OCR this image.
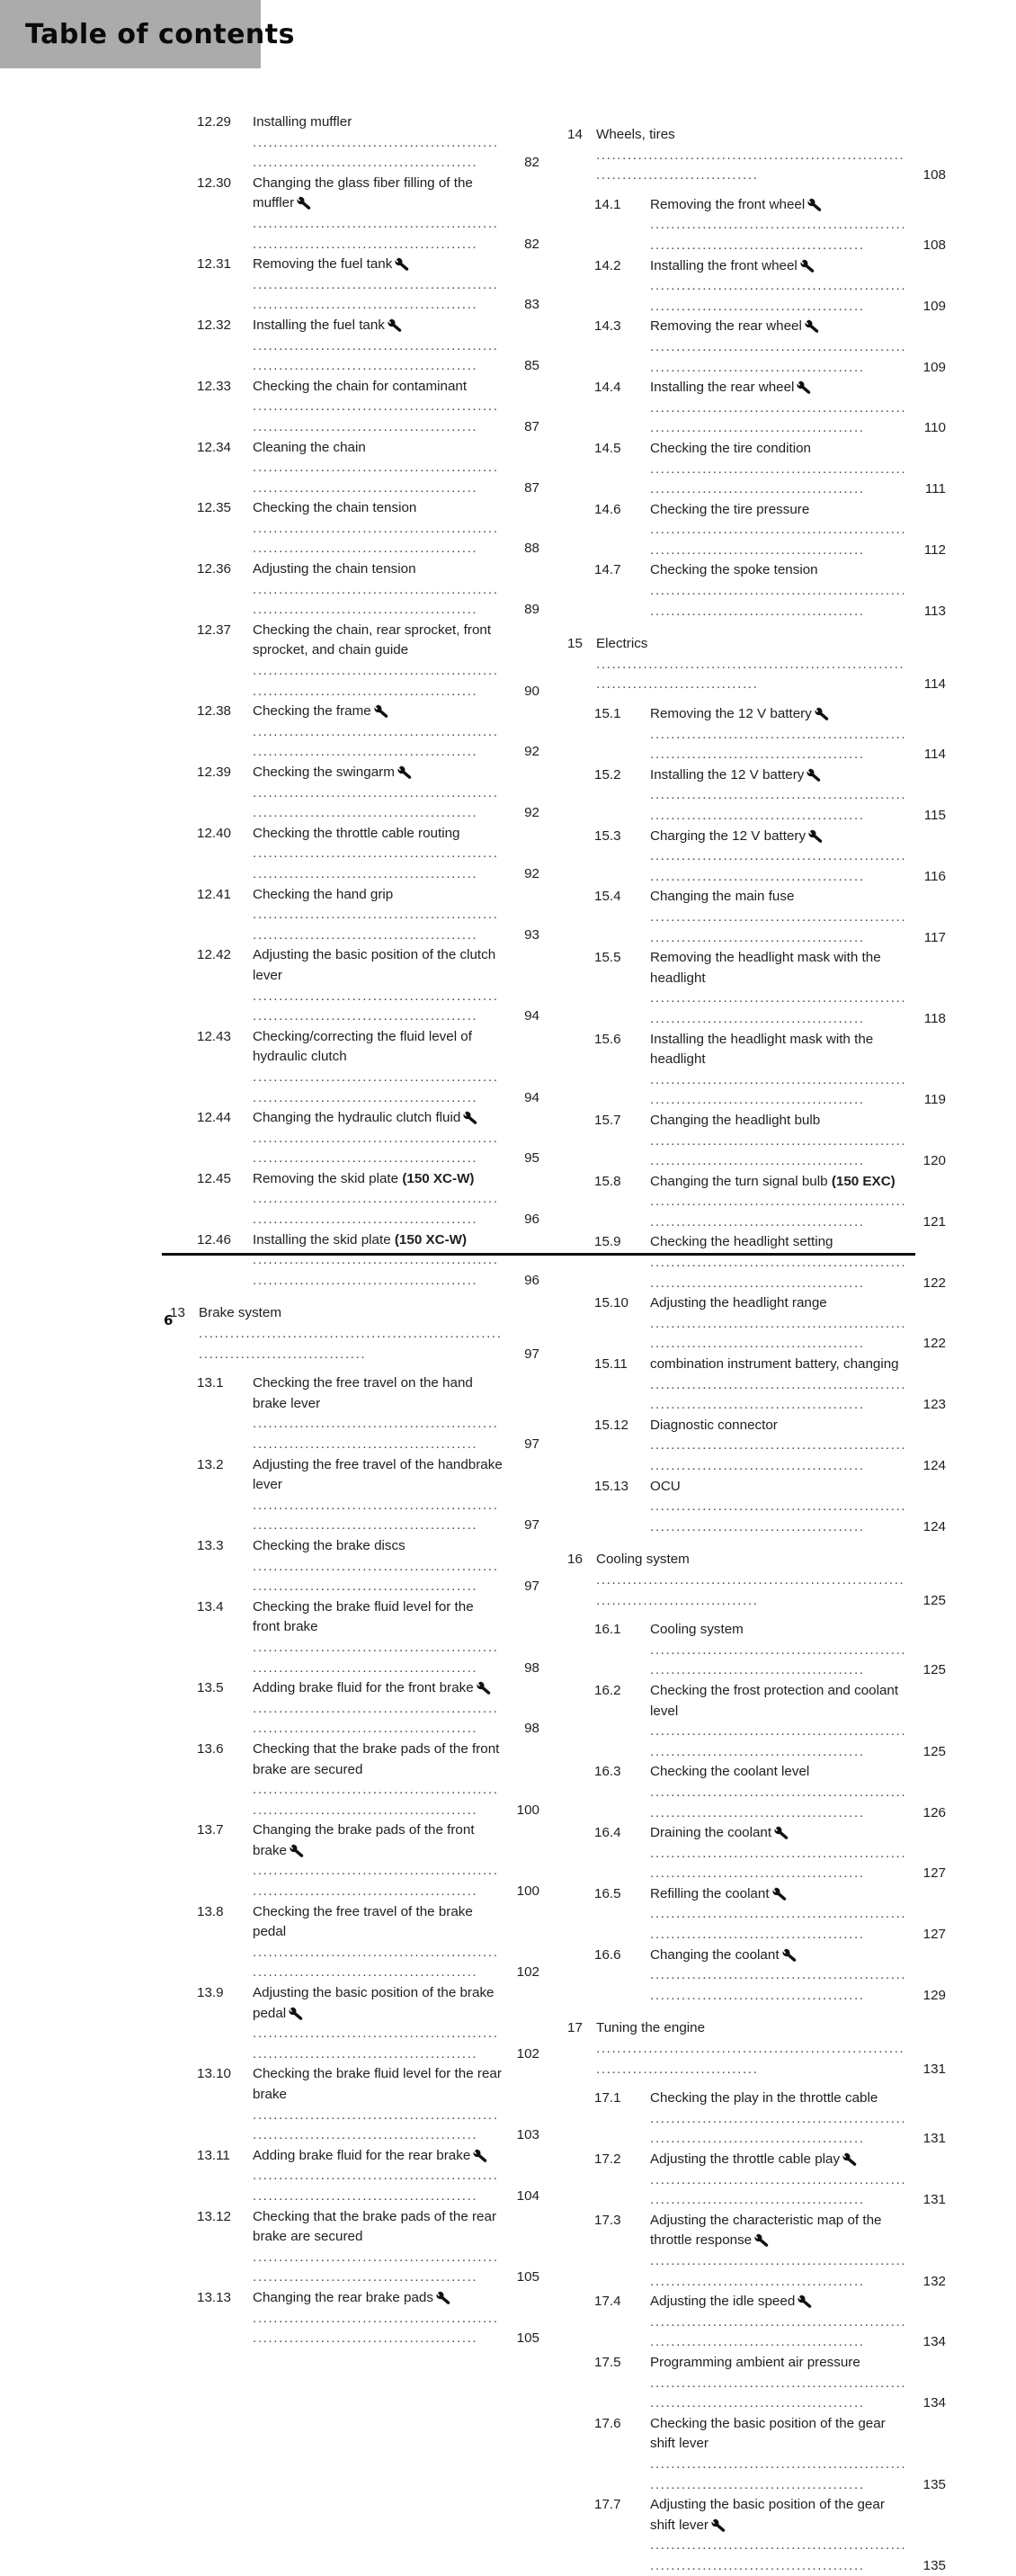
Table of contents
12.29	Installing muffler ..........................................................................................	82
12.30	Changing the glass fiber filling of the muffler
..........................................................................................	82
12.31	Removing the fuel tank
..........................................................................................	83
12.32	Installing the fuel tank
..........................................................................................	85
12.33	Checking the chain for contaminant ..........................................................................................	87
12.34	Cleaning the chain ..........................................................................................	87
12.35	Checking the chain tension ..........................................................................................	88
12.36	Adjusting the chain tension ..........................................................................................	89
12.37	Checking the chain, rear sprocket, front sprocket, and chain guide ..........................................................................................	90
12.38	Checking the frame
..........................................................................................	92
12.39	Checking the swingarm
..........................................................................................	92
12.40	Checking the throttle cable routing ..........................................................................................	92
12.41	Checking the hand grip ..........................................................................................	93
12.42	Adjusting the basic position of the clutch lever ..........................................................................................	94
12.43	Checking/correcting the fluid level of hydraulic clutch ..........................................................................................	94
12.44	Changing the hydraulic clutch fluid
..........................................................................................	95
12.45	Removing the skid plate (150 XC-W) ..........................................................................................	96
12.46	Installing the skid plate (150 XC-W) ..........................................................................................	96
13 Brake system ..........................................................................................	97
13.1	Checking the free travel on the hand brake lever ..........................................................................................	97
13.2	Adjusting the free travel of the handbrake lever ..........................................................................................	97
13.3	Checking the brake discs ..........................................................................................	97
13.4	Checking the brake fluid level for the front brake ..........................................................................................	98
13.5	Adding brake fluid for the front brake
..........................................................................................	98
13.6	Checking that the brake pads of the front brake are secured ..........................................................................................	100
13.7	Changing the brake pads of the front brake
..........................................................................................	100
13.8	Checking the free travel of the brake pedal ..........................................................................................	102
13.9	Adjusting the basic position of the brake pedal
..........................................................................................	102
13.10	Checking the brake fluid level for the rear brake ..........................................................................................	103
13.11	Adding brake fluid for the rear brake
..........................................................................................	104
13.12	Checking that the brake pads of the rear brake are secured ..........................................................................................	105
13.13	Changing the rear brake pads
..........................................................................................	105
14 Wheels, tires ..........................................................................................	108
14.1	Removing the front wheel
..........................................................................................	108
14.2	Installing the front wheel
..........................................................................................	109
14.3	Removing the rear wheel
..........................................................................................	109
14.4	Installing the rear wheel
..........................................................................................	110
14.5	Checking the tire condition ..........................................................................................	111
14.6	Checking the tire pressure ..........................................................................................	112
14.7	Checking the spoke tension ..........................................................................................	113
15 Electrics ..........................................................................................	114
15.1	Removing the 12 V battery
..........................................................................................	114
15.2	Installing the 12 V battery
..........................................................................................	115
15.3	Charging the 12 V battery
..........................................................................................	116
15.4	Changing the main fuse ..........................................................................................	117
15.5	Removing the headlight mask with the headlight ..........................................................................................	118
15.6	Installing the headlight mask with the headlight ..........................................................................................	119
15.7	Changing the headlight bulb ..........................................................................................	120
15.8	Changing the turn signal bulb (150 EXC) ..........................................................................................	121
15.9	Checking the headlight setting ..........................................................................................	122
15.10	Adjusting the headlight range ..........................................................................................	122
15.11	combination instrument battery, changing ..........................................................................................	123
15.12	Diagnostic connector ..........................................................................................	124
15.13	OCU ..........................................................................................	124
16 Cooling system ..........................................................................................	125
16.1	Cooling system ..........................................................................................	125
16.2	Checking the frost protection and coolant level ..........................................................................................	125
16.3	Checking the coolant level ..........................................................................................	126
16.4	Draining the coolant
..........................................................................................	127
16.5	Refilling the coolant
..........................................................................................	127
16.6	Changing the coolant
..........................................................................................	129
17 Tuning the engine ..........................................................................................	131
17.1	Checking the play in the throttle cable ..........................................................................................	131
17.2	Adjusting the throttle cable play
..........................................................................................	131
17.3	Adjusting the characteristic map of the throttle response
..........................................................................................	132
17.4	Adjusting the idle speed
..........................................................................................	134
17.5	Programming ambient air pressure ..........................................................................................	134
17.6	Checking the basic position of the gear shift lever ..........................................................................................	135
17.7	Adjusting the basic position of the gear shift lever
..........................................................................................	135
6
